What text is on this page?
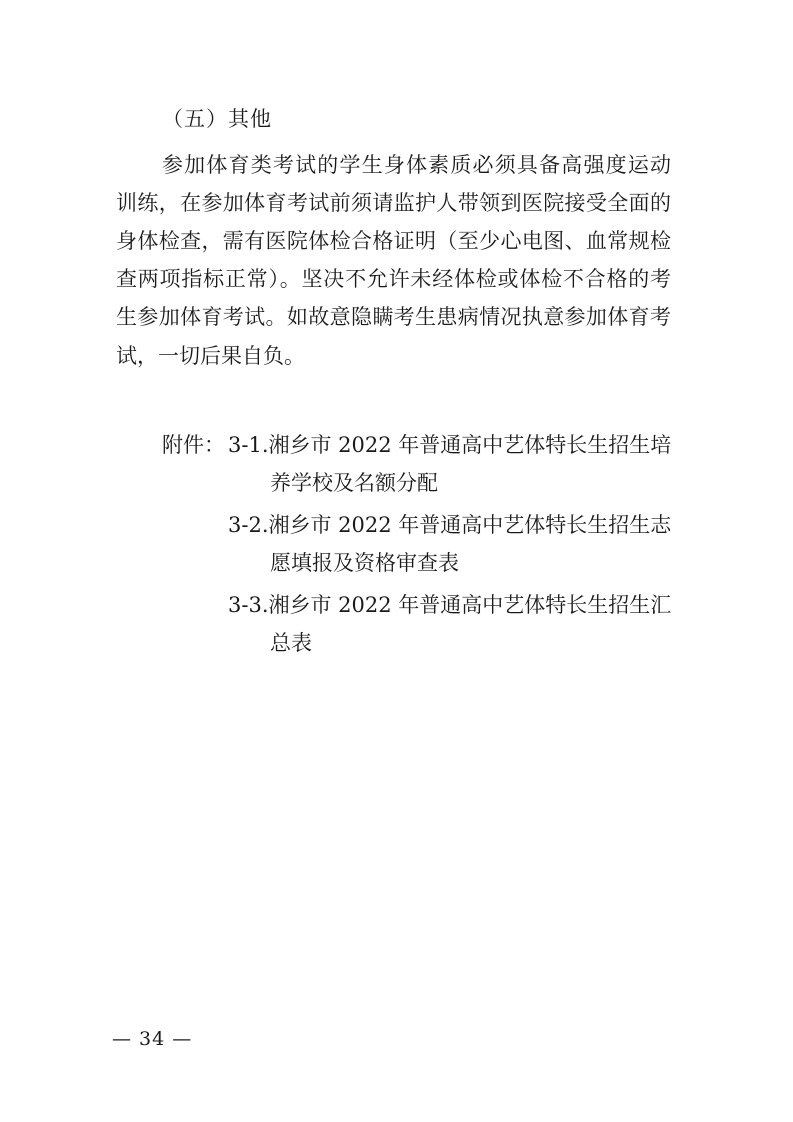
（五）其他
参加体育类考试的学生身体素质必须具备高强度运动
训练，在参加体育考试前须请监护人带领到医院接受全面的
身体检查，需有医院体检合格证明（至少心电图、血常规检
查两项指标正常）。坚决不允许未经体检或体检不合格的考
生参加体育考试。如故意隐瞒考生患病情况执意参加体育考
试，一切后果自负。
附件： 3-1.湘乡市 2022 年普通高中艺体特长生招生培
养学校及名额分配
3-2.湘乡市 2022 年普通高中艺体特长生招生志
愿填报及资格审查表
3-3.湘乡市 2022 年普通高中艺体特长生招生汇
总表
— 34 —
